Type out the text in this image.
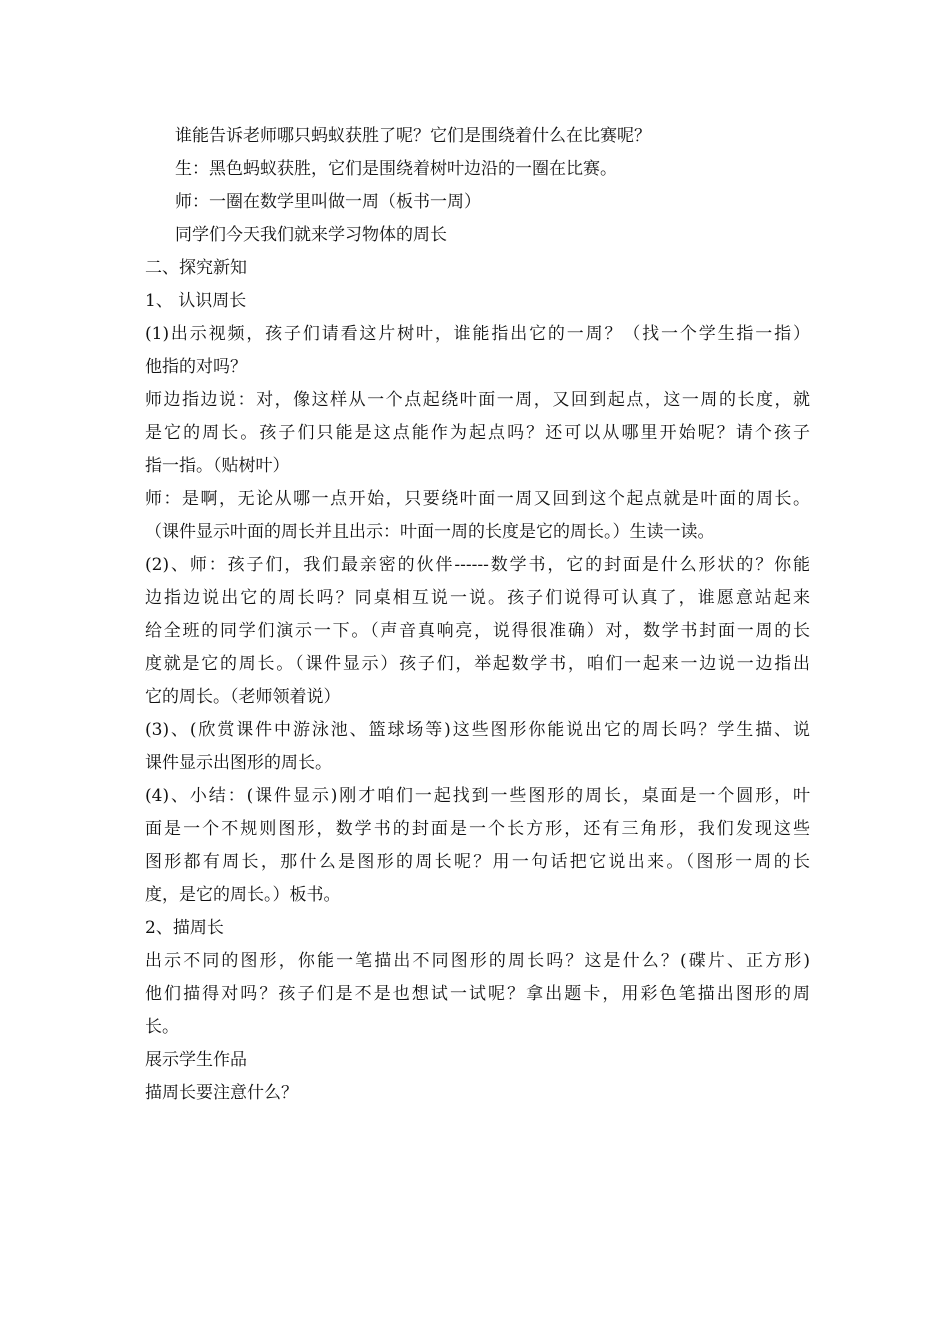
谁能告诉老师哪只蚂蚁获胜了呢？它们是围绕着什么在比赛呢？
生：黑色蚂蚁获胜，它们是围绕着树叶边沿的一圈在比赛。
师：一圈在数学里叫做一周（板书一周）
同学们今天我们就来学习物体的周长
二、探究新知
1、 认识周长
(1)出示视频，孩子们请看这片树叶，谁能指出它的一周？（找一个学生指一指）
他指的对吗？
师边指边说：对，像这样从一个点起绕叶面一周，又回到起点，这一周的长度，就
是它的周长。孩子们只能是这点能作为起点吗？还可以从哪里开始呢？请个孩子
指一指。（贴树叶）
师：是啊，无论从哪一点开始，只要绕叶面一周又回到这个起点就是叶面的周长。
（课件显示叶面的周长并且出示：叶面一周的长度是它的周长。）生读一读。
(2)、师：孩子们，我们最亲密的伙伴------数学书，它的封面是什么形状的？你能
边指边说出它的周长吗？同桌相互说一说。孩子们说得可认真了，谁愿意站起来
给全班的同学们演示一下。（声音真响亮，说得很准确）对，数学书封面一周的长
度就是它的周长。（课件显示）孩子们，举起数学书，咱们一起来一边说一边指出
它的周长。（老师领着说）
(3)、(欣赏课件中游泳池、篮球场等)这些图形你能说出它的周长吗？学生描、说
课件显示出图形的周长。
(4)、小结：(课件显示)刚才咱们一起找到一些图形的周长，桌面是一个圆形，叶
面是一个不规则图形，数学书的封面是一个长方形，还有三角形，我们发现这些
图形都有周长，那什么是图形的周长呢？用一句话把它说出来。（图形一周的长
度，是它的周长。）板书。
2、描周长
出示不同的图形，你能一笔描出不同图形的周长吗？这是什么？(碟片、正方形)
他们描得对吗？孩子们是不是也想试一试呢？拿出题卡，用彩色笔描出图形的周
长。
展示学生作品
描周长要注意什么？
